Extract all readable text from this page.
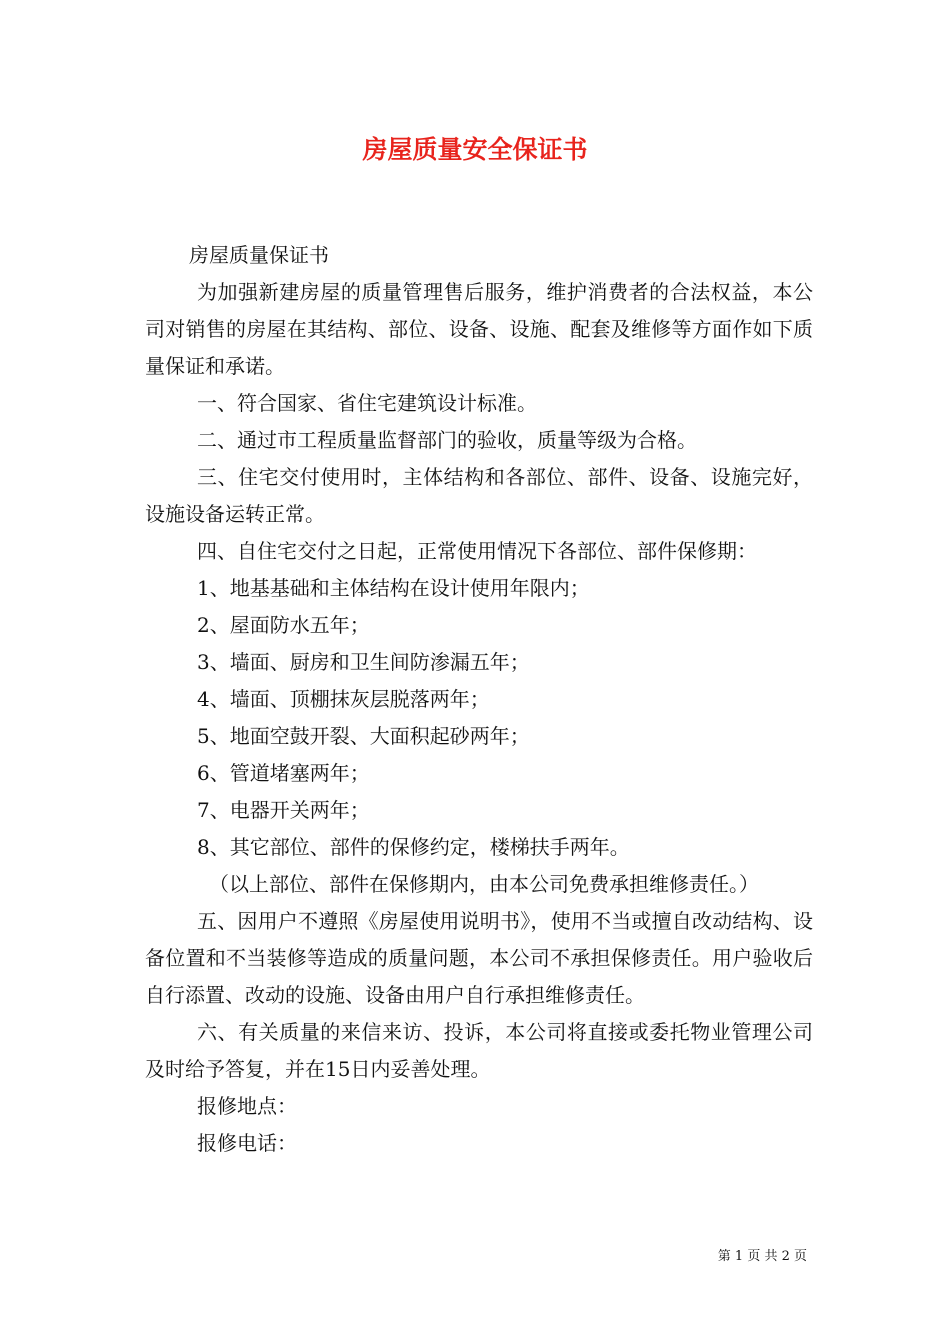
房屋质量安全保证书

房屋质量保证书

为加强新建房屋的质量管理售后服务，维护消费者的合法权益，本公司对销售的房屋在其结构、部位、设备、设施、配套及维修等方面作如下质量保证和承诺。

一、符合国家、省住宅建筑设计标准。

二、通过市工程质量监督部门的验收，质量等级为合格。

三、住宅交付使用时，主体结构和各部位、部件、设备、设施完好，设施设备运转正常。

四、自住宅交付之日起，正常使用情况下各部位、部件保修期：

1、地基基础和主体结构在设计使用年限内；

2、屋面防水五年；

3、墙面、厨房和卫生间防渗漏五年；

4、墙面、顶棚抹灰层脱落两年；

5、地面空鼓开裂、大面积起砂两年；

6、管道堵塞两年；

7、电器开关两年；

8、其它部位、部件的保修约定，楼梯扶手两年。

（以上部位、部件在保修期内，由本公司免费承担维修责任。）

五、因用户不遵照《房屋使用说明书》，使用不当或擅自改动结构、设备位置和不当装修等造成的质量问题，本公司不承担保修责任。用户验收后自行添置、改动的设施、设备由用户自行承担维修责任。

六、有关质量的来信来访、投诉，本公司将直接或委托物业管理公司及时给予答复，并在15日内妥善处理。

报修地点：

报修电话：

第 1 页 共 2 页
